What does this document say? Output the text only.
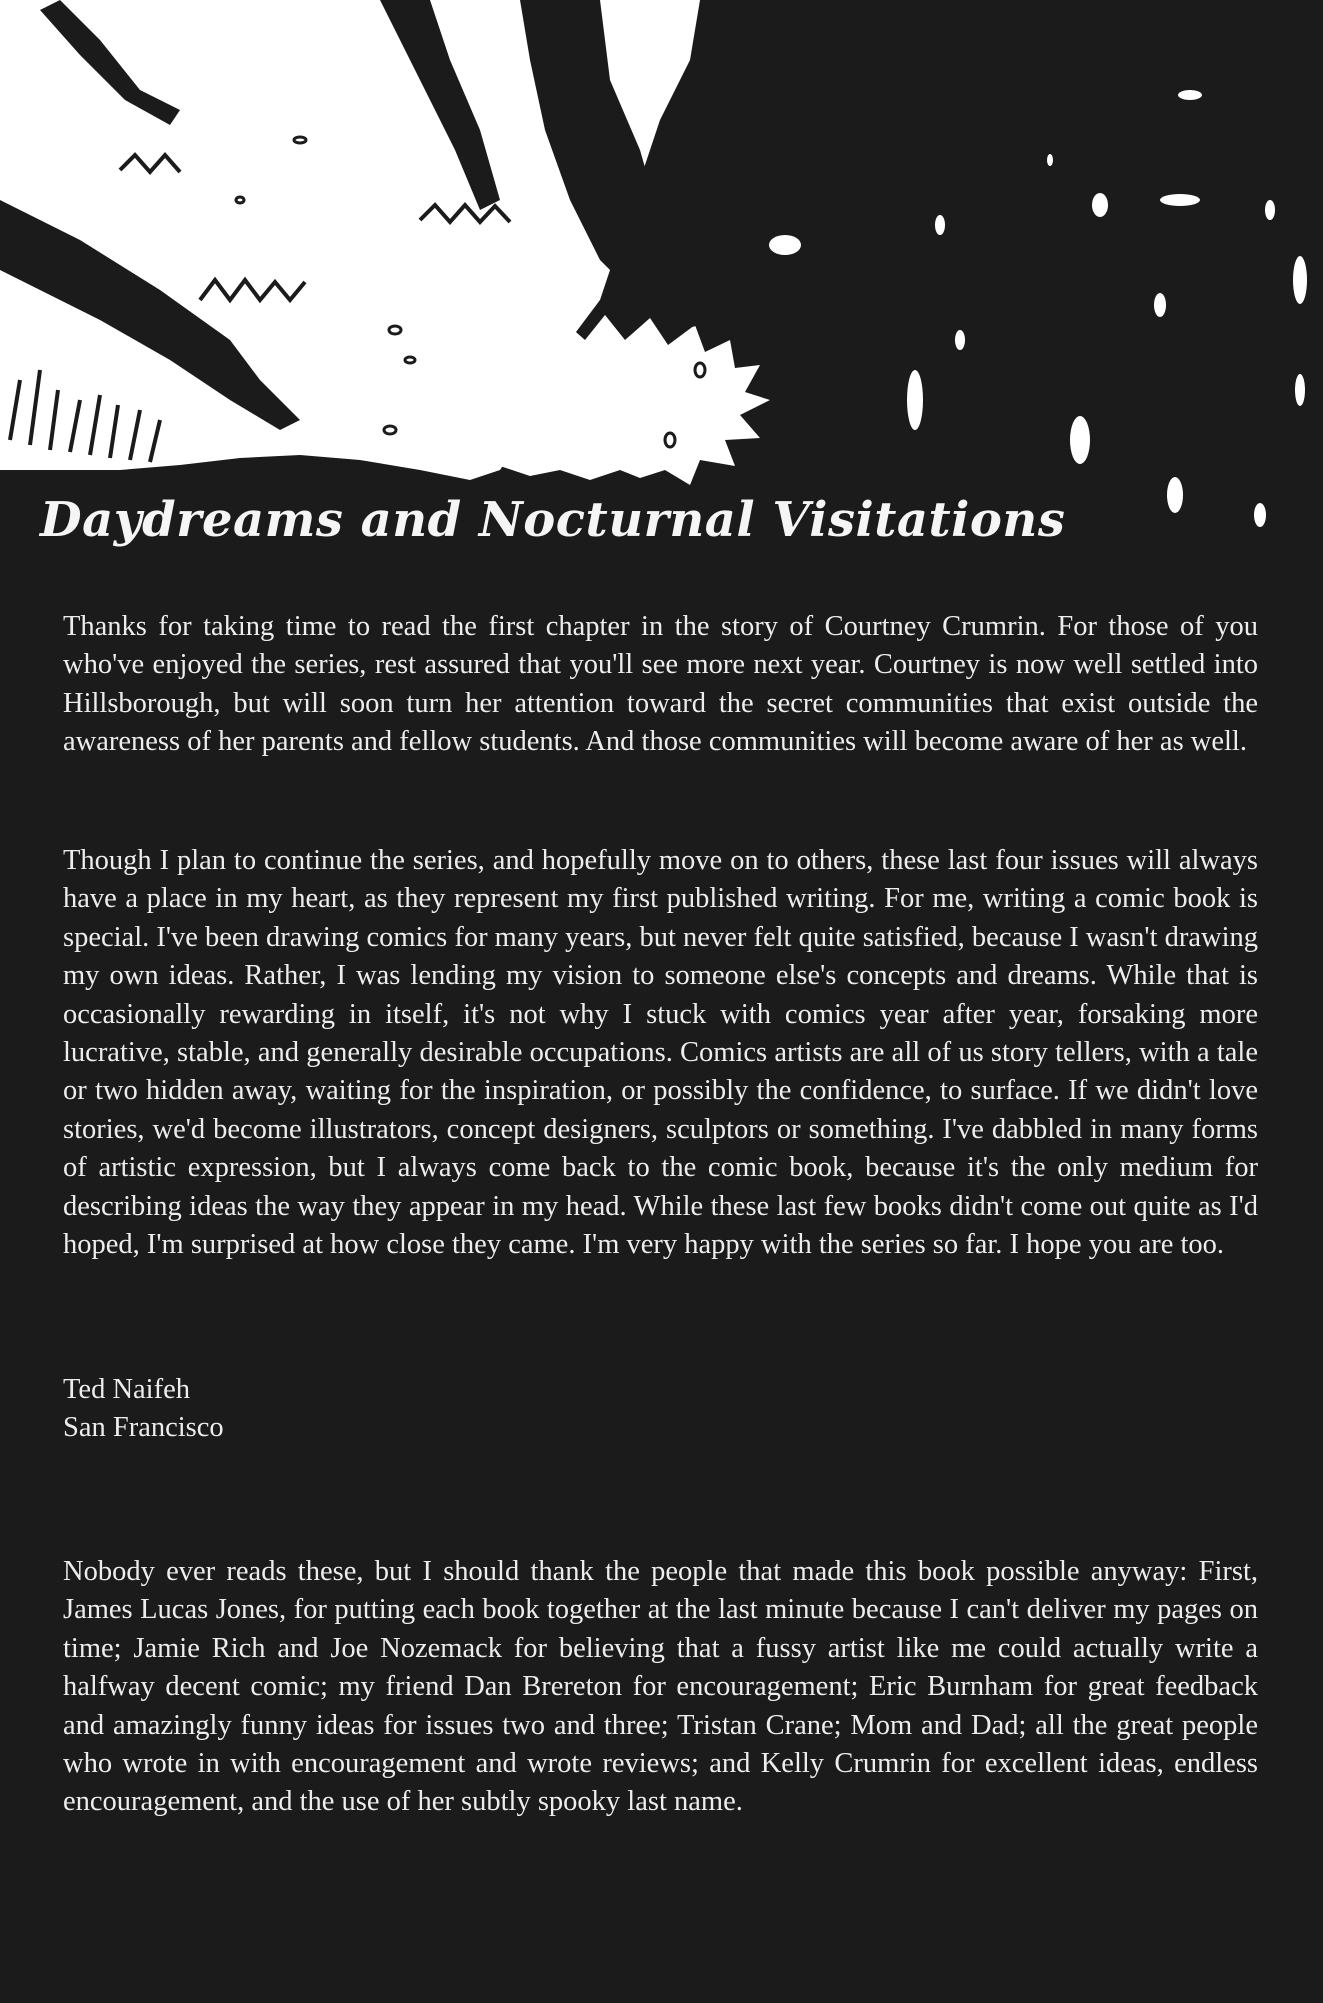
Daydreams and Nocturnal Visitations

Thanks for taking time to read the first chapter in the story of Courtney Crumrin. For those of you who've enjoyed the series, rest assured that you'll see more next year. Courtney is now well settled into Hillsborough, but will soon turn her attention toward the secret communities that exist outside the awareness of her parents and fellow students. And those communities will become aware of her as well.

Though I plan to continue the series, and hopefully move on to others, these last four issues will always have a place in my heart, as they represent my first published writing. For me, writing a comic book is special. I've been drawing comics for many years, but never felt quite satisfied, because I wasn't drawing my own ideas. Rather, I was lending my vision to someone else's concepts and dreams. While that is occasionally rewarding in itself, it's not why I stuck with comics year after year, forsaking more lucrative, stable, and generally desirable occupations. Comics artists are all of us story tellers, with a tale or two hidden away, waiting for the inspiration, or possibly the confidence, to surface. If we didn't love stories, we'd become illustrators, concept designers, sculptors or something. I've dabbled in many forms of artistic expression, but I always come back to the comic book, because it's the only medium for describing ideas the way they appear in my head. While these last few books didn't come out quite as I'd hoped, I'm surprised at how close they came. I'm very happy with the series so far. I hope you are too.

Ted Naifeh
San Francisco

Nobody ever reads these, but I should thank the people that made this book possible anyway: First, James Lucas Jones, for putting each book together at the last minute because I can't deliver my pages on time; Jamie Rich and Joe Nozemack for believing that a fussy artist like me could actually write a halfway decent comic; my friend Dan Brereton for encouragement; Eric Burnham for great feedback and amazingly funny ideas for issues two and three; Tristan Crane; Mom and Dad; all the great people who wrote in with encouragement and wrote reviews; and Kelly Crumrin for excellent ideas, endless encouragement, and the use of her subtly spooky last name.
